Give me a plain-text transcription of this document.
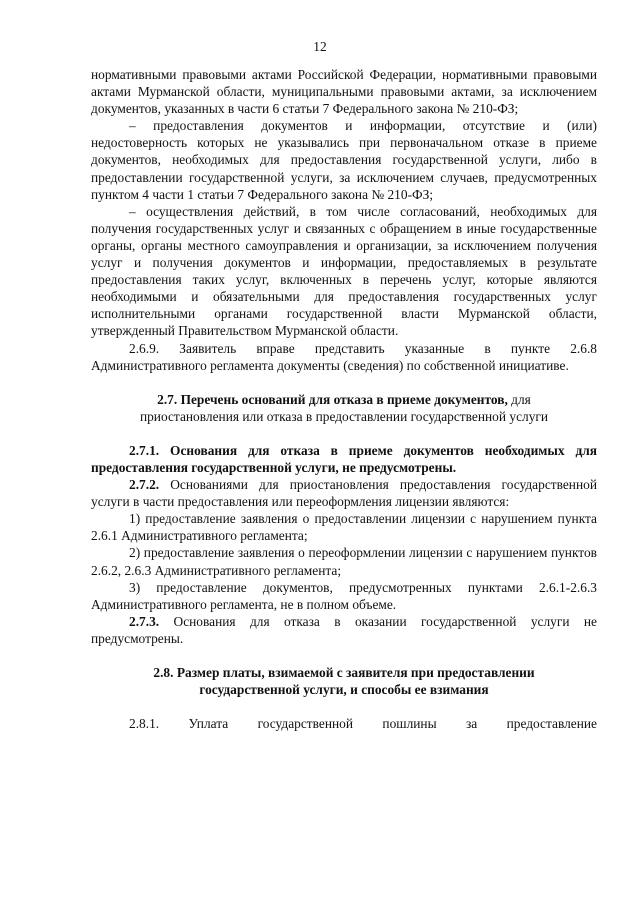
12

нормативными правовыми актами Российской Федерации, нормативными правовыми актами Мурманской области, муниципальными правовыми актами, за исключением документов, указанных в части 6 статьи 7 Федерального закона № 210-ФЗ;

– предоставления документов и информации, отсутствие и (или) недостоверность которых не указывались при первоначальном отказе в приеме документов, необходимых для предоставления государственной услуги, либо в предоставлении государственной услуги, за исключением случаев, предусмотренных пунктом 4 части 1 статьи 7 Федерального закона № 210-ФЗ;

– осуществления действий, в том числе согласований, необходимых для получения государственных услуг и связанных с обращением в иные государственные органы, органы местного самоуправления и организации, за исключением получения услуг и получения документов и информации, предоставляемых в результате предоставления таких услуг, включенных в перечень услуг, которые являются необходимыми и обязательными для предоставления государственных услуг исполнительными органами государственной власти Мурманской области, утвержденный Правительством Мурманской области.

2.6.9. Заявитель вправе представить указанные в пункте 2.6.8 Административного регламента документы (сведения) по собственной инициативе.

2.7. Перечень оснований для отказа в приеме документов, для
приостановления или отказа в предоставлении государственной услуги

2.7.1. Основания для отказа в приеме документов необходимых для предоставления государственной услуги, не предусмотрены.

2.7.2. Основаниями для приостановления предоставления государственной услуги в части предоставления или переоформления лицензии являются:

1) предоставление заявления о предоставлении лицензии с нарушением пункта 2.6.1 Административного регламента;

2) предоставление заявления о переоформлении лицензии с нарушением пунктов 2.6.2, 2.6.3 Административного регламента;

3) предоставление документов, предусмотренных пунктами 2.6.1-2.6.3 Административного регламента, не в полном объеме.

2.7.3. Основания для отказа в оказании государственной услуги не предусмотрены.

2.8. Размер платы, взимаемой с заявителя при предоставлении
государственной услуги, и способы ее взимания

2.8.1. Уплата государственной пошлины за предоставление
